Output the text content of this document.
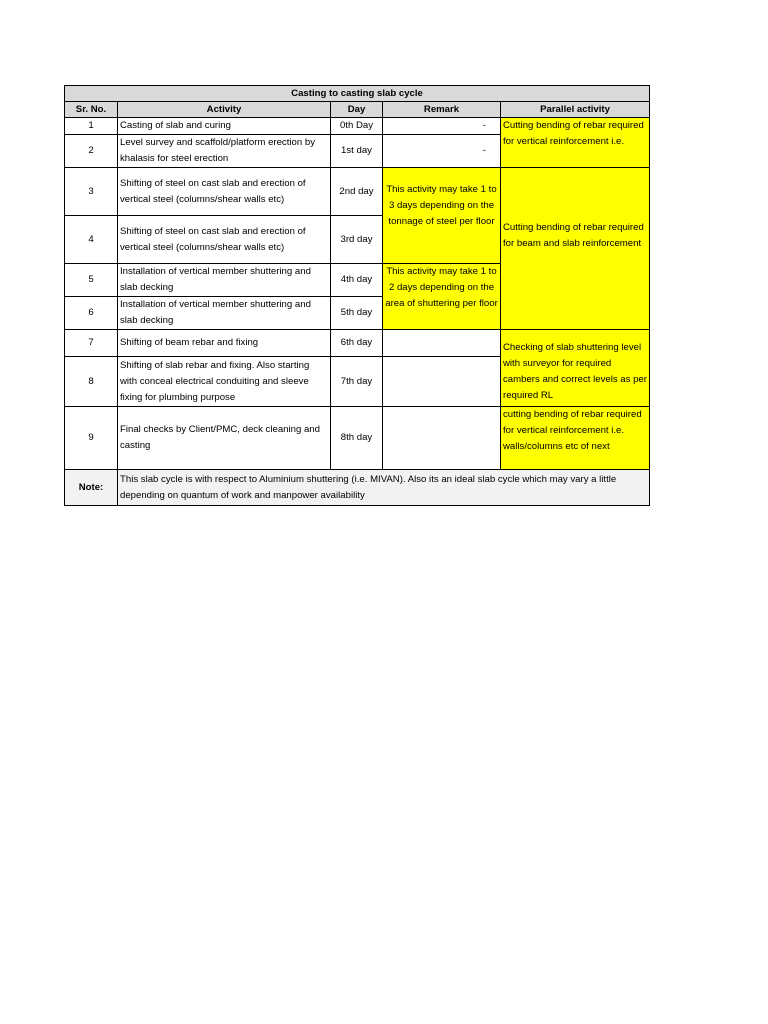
Casting to casting slab cycle				
Sr. No.	Activity	Day	Remark	Parallel activity
1	Casting of slab and curing	0th Day	-	Cutting bending of rebar required for vertical reinforcement i.e.
2	Level survey and scaffold/platform erection by khalasis for steel erection	1st day	-	
3	Shifting of steel on cast slab and erection of vertical steel (columns/shear walls etc)	2nd day	This activity may take 1 to 3 days depending on the tonnage of steel per floor	Cutting bending of rebar required for beam and slab reinforcement
4	Shifting of steel on cast slab and erection of vertical steel (columns/shear walls etc)	3rd day		
5	Installation of vertical member shuttering and slab decking	4th day	This activity may take 1 to 2 days depending on the area of shuttering per floor	
6	Installation of vertical member shuttering and slab decking	5th day		
7	Shifting of beam rebar and fixing	6th day		Checking of slab shuttering level with surveyor for required cambers and correct levels as per required RL
8	Shifting of slab rebar and fixing. Also starting with conceal electrical conduiting and sleeve fixing for plumbing purpose	7th day		
9	Final checks by Client/PMC, deck cleaning and casting	8th day		cutting bending of rebar required for vertical reinforcement i.e. walls/columns etc of next
Note:	This slab cycle is with respect to Aluminium shuttering (i.e. MIVAN). Also its an ideal slab cycle which may vary a little depending on quantum of work and manpower availability			
